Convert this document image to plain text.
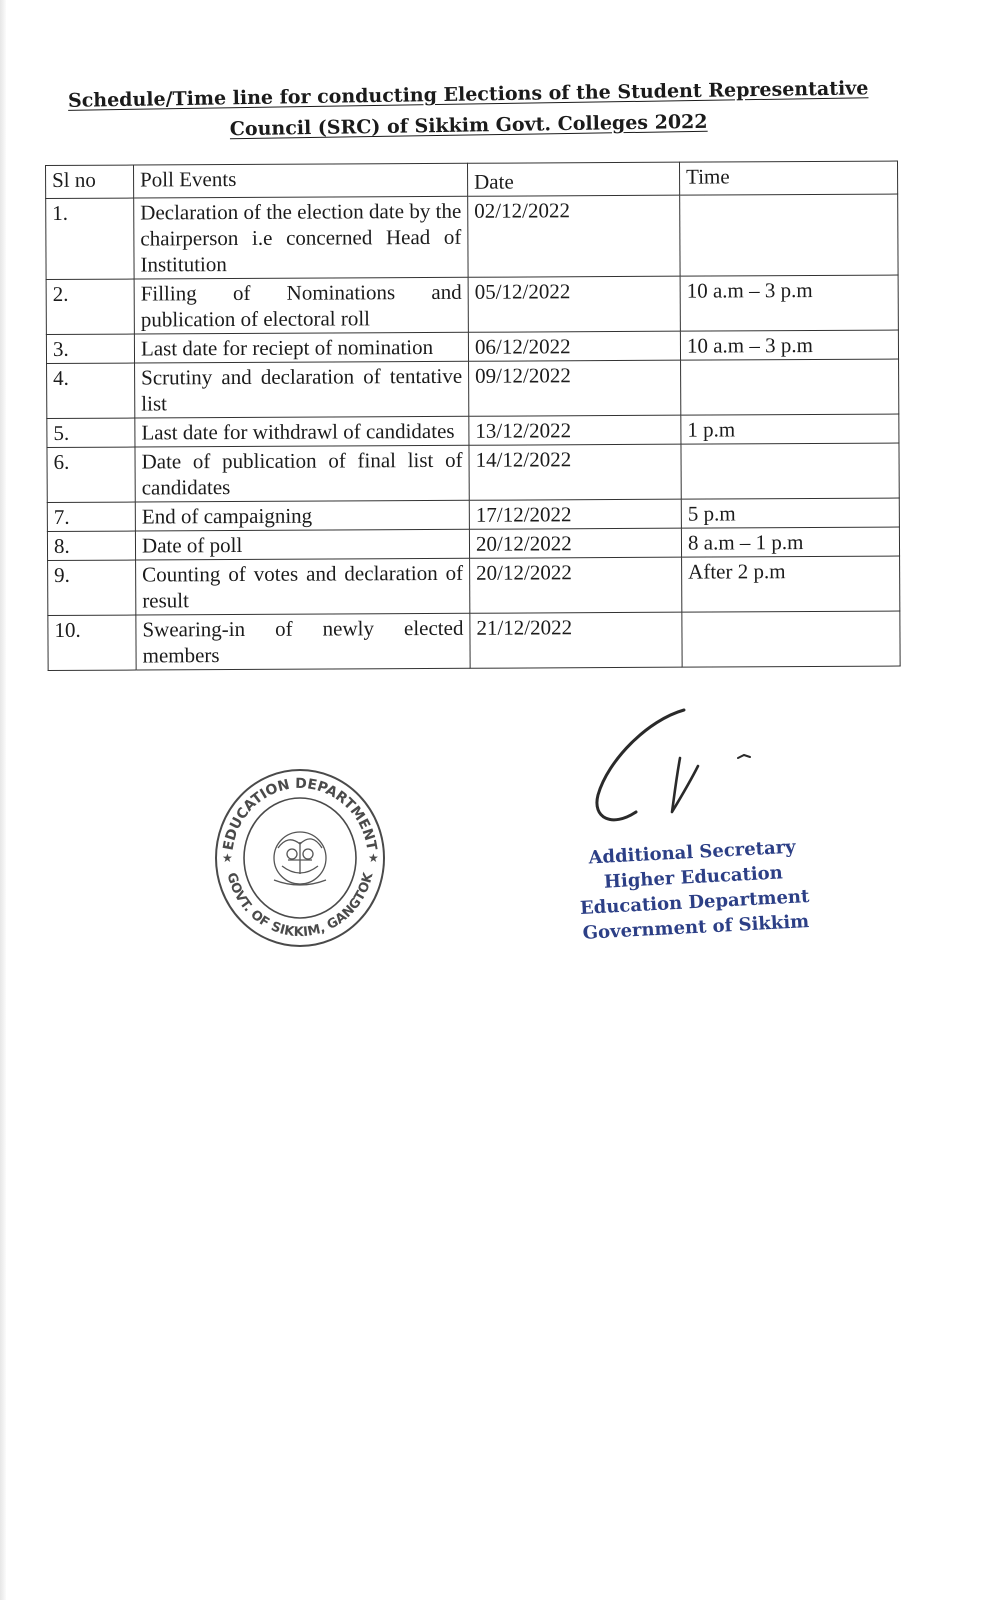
Schedule/Time line for conducting Elections of the Student Representative
Council (SRC) of Sikkim Govt. Colleges 2022
Sl no	Poll Events	Date	Time
1.	Declaration of the election date by the chairperson i.e concerned Head of Institution	02/12/2022	
2.	Filling of Nominations and publication of electoral roll	05/12/2022	10 a.m – 3 p.m
3.	Last date for reciept of nomination	06/12/2022	10 a.m – 3 p.m
4.	Scrutiny and declaration of tentative list	09/12/2022	
5.	Last date for withdrawl of candidates	13/12/2022	1 p.m
6.	Date of publication of final list of candidates	14/12/2022	
7.	End of campaigning	17/12/2022	5 p.m
8.	Date of poll	20/12/2022	8 a.m – 1 p.m
9.	Counting of votes and declaration of result	20/12/2022	After 2 p.m
10.	Swearing-in of newly elected members	21/12/2022	
EDUCATION DEPARTMENT
GOVT. OF SIKKIM, GANGTOK
★	★	Additional Secretary
Higher Education
Education Department
Government of Sikkim
